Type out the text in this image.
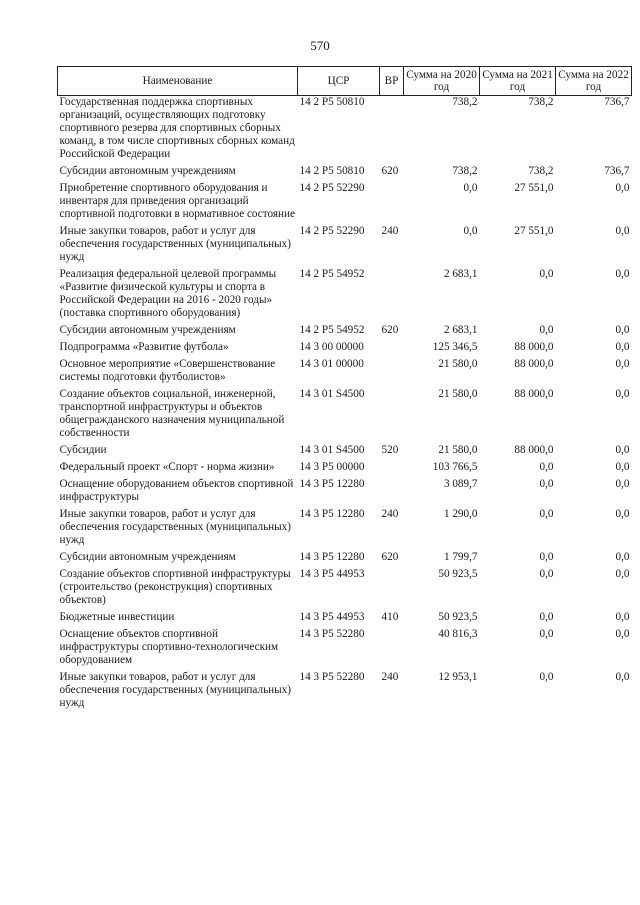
570
Наименование	ЦСР	ВР	Сумма на 2020 год	Сумма на 2021 год	Сумма на 2022 год
Государственная поддержка спортивных организаций, осуществляющих подготовку спортивного резерва для спортивных сборных команд, в том числе спортивных сборных команд Российской Федерации	14 2 P5 50810		738,2	738,2	736,7
Субсидии автономным учреждениям	14 2 P5 50810	620	738,2	738,2	736,7
Приобретение спортивного оборудования и инвентаря для приведения организаций спортивной подготовки в нормативное состояние	14 2 P5 52290		0,0	27 551,0	0,0
Иные закупки товаров, работ и услуг для обеспечения государственных (муниципальных) нужд	14 2 P5 52290	240	0,0	27 551,0	0,0
Реализация федеральной целевой программы «Развитие физической культуры и спорта в Российской Федерации на 2016 - 2020 годы» (поставка спортивного оборудования)	14 2 P5 54952		2 683,1	0,0	0,0
Субсидии автономным учреждениям	14 2 P5 54952	620	2 683,1	0,0	0,0
Подпрограмма «Развитие футбола»	14 3 00 00000		125 346,5	88 000,0	0,0
Основное мероприятие «Совершенствование системы подготовки футболистов»	14 3 01 00000		21 580,0	88 000,0	0,0
Создание объектов социальной, инженерной, транспортной инфраструктуры и объектов общегражданского назначения муниципальной собственности	14 3 01 S4500		21 580,0	88 000,0	0,0
Субсидии	14 3 01 S4500	520	21 580,0	88 000,0	0,0
Федеральный проект «Спорт - норма жизни»	14 3 P5 00000		103 766,5	0,0	0,0
Оснащение оборудованием объектов спортивной инфраструктуры	14 3 P5 12280		3 089,7	0,0	0,0
Иные закупки товаров, работ и услуг для обеспечения государственных (муниципальных) нужд	14 3 P5 12280	240	1 290,0	0,0	0,0
Субсидии автономным учреждениям	14 3 P5 12280	620	1 799,7	0,0	0,0
Создание объектов спортивной инфраструктуры (строительство (реконструкция) спортивных объектов)	14 3 P5 44953		50 923,5	0,0	0,0
Бюджетные инвестиции	14 3 P5 44953	410	50 923,5	0,0	0,0
Оснащение объектов спортивной инфраструктуры спортивно-технологическим оборудованием	14 3 P5 52280		40 816,3	0,0	0,0
Иные закупки товаров, работ и услуг для обеспечения государственных (муниципальных) нужд	14 3 P5 52280	240	12 953,1	0,0	0,0
